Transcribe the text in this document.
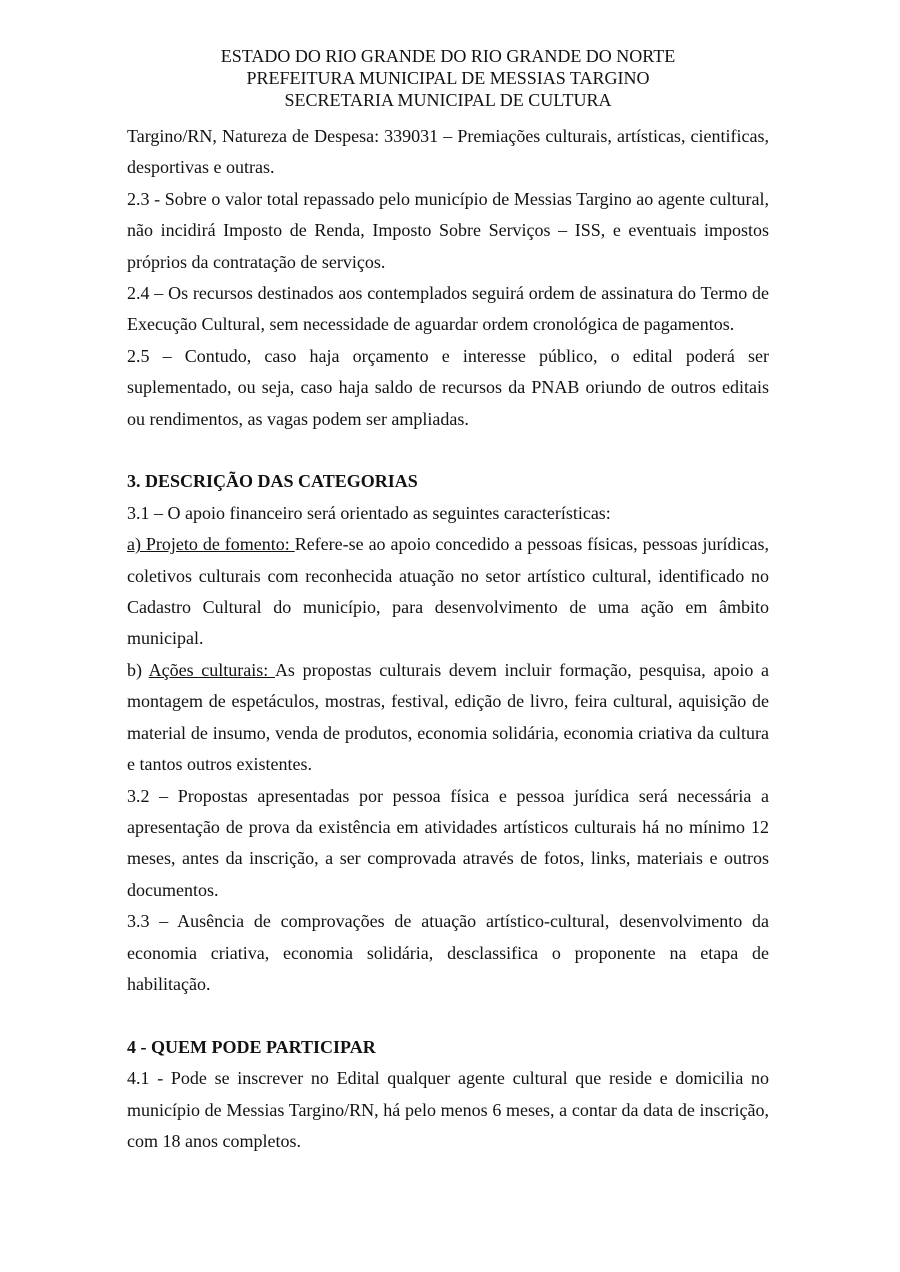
ESTADO DO RIO GRANDE DO RIO GRANDE DO NORTE
PREFEITURA MUNICIPAL DE MESSIAS TARGINO
SECRETARIA MUNICIPAL DE CULTURA
Targino/RN, Natureza de Despesa: 339031 – Premiações culturais, artísticas, cientificas, desportivas e outras.
2.3 - Sobre o valor total repassado pelo município de Messias Targino ao agente cultural, não incidirá Imposto de Renda, Imposto Sobre Serviços – ISS, e eventuais impostos próprios da contratação de serviços.
2.4 – Os recursos destinados aos contemplados seguirá ordem de assinatura do Termo de Execução Cultural, sem necessidade de aguardar ordem cronológica de pagamentos.
2.5 – Contudo, caso haja orçamento e interesse público, o edital poderá ser suplementado, ou seja, caso haja saldo de recursos da PNAB oriundo de outros editais ou rendimentos, as vagas podem ser ampliadas.
3. DESCRIÇÃO DAS CATEGORIAS
3.1 – O apoio financeiro será orientado as seguintes características:
a) Projeto de fomento: Refere-se ao apoio concedido a pessoas físicas, pessoas jurídicas, coletivos culturais com reconhecida atuação no setor artístico cultural, identificado no Cadastro Cultural do município, para desenvolvimento de uma ação em âmbito municipal.
b) Ações culturais: As propostas culturais devem incluir formação, pesquisa, apoio a montagem de espetáculos, mostras, festival, edição de livro, feira cultural, aquisição de material de insumo, venda de produtos, economia solidária, economia criativa da cultura e tantos outros existentes.
3.2 – Propostas apresentadas por pessoa física e pessoa jurídica será necessária a apresentação de prova da existência em atividades artísticos culturais há no mínimo 12 meses, antes da inscrição, a ser comprovada através de fotos, links, materiais e outros documentos.
3.3 – Ausência de comprovações de atuação artístico-cultural, desenvolvimento da economia criativa, economia solidária, desclassifica o proponente na etapa de habilitação.
4 - QUEM PODE PARTICIPAR
4.1 - Pode se inscrever no Edital qualquer agente cultural que reside e domicilia no município de Messias Targino/RN, há pelo menos 6 meses, a contar da data de inscrição, com 18 anos completos.
